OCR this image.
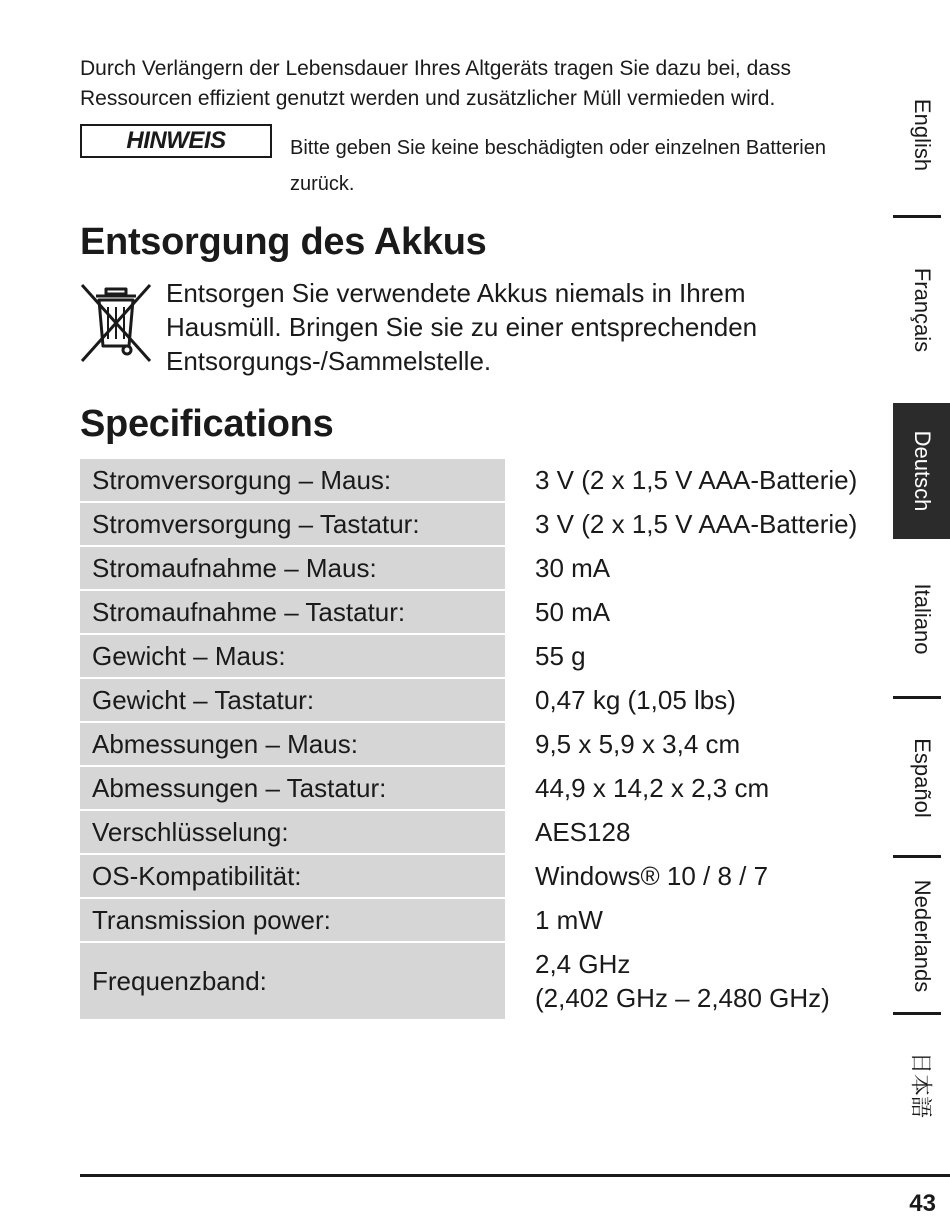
Durch Verlängern der Lebensdauer Ihres Altgeräts tragen Sie dazu bei, dass Ressourcen effizient genutzt werden und zusätzlicher Müll vermieden wird.

HINWEIS	Bitte geben Sie keine beschädigten oder einzelnen Batterien zurück.

Entsorgung des Akkus

Entsorgen Sie verwendete Akkus niemals in Ihrem Hausmüll. Bringen Sie sie zu einer entsprechenden Entsorgungs-/Sammelstelle.

Specifications
Stromversorgung – Maus:	3 V (2 x 1,5 V AAA-Batterie)
Stromversorgung – Tastatur:	3 V (2 x 1,5 V AAA-Batterie)
Stromaufnahme – Maus:	30 mA
Stromaufnahme – Tastatur:	50 mA
Gewicht – Maus:	55 g
Gewicht – Tastatur:	0,47 kg (1,05 lbs)
Abmessungen – Maus:	9,5 x 5,9 x 3,4 cm
Abmessungen – Tastatur:	44,9 x 14,2 x 2,3 cm
Verschlüsselung:	AES128
OS-Kompatibilität:	Windows® 10 / 8 / 7
Transmission power:	1 mW
Frequenzband:	2,4 GHz
(2,402 GHz – 2,480 GHz)
English
Français
Deutsch
Italiano
Español
Nederlands
日本語
43
